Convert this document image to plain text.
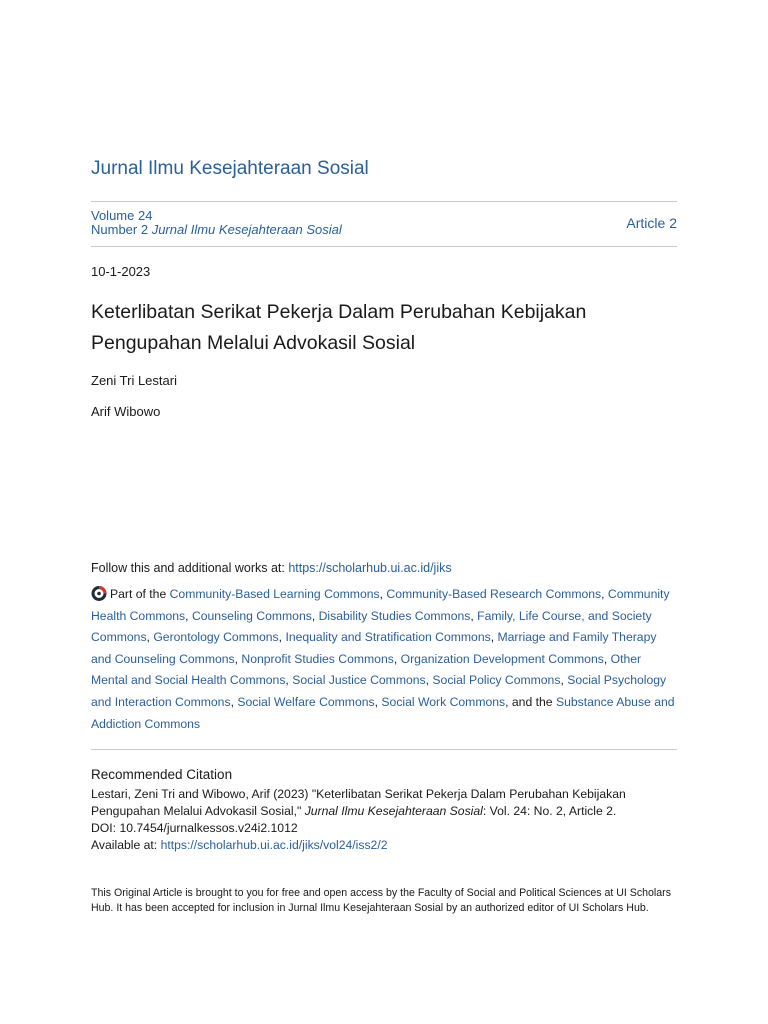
Jurnal Ilmu Kesejahteraan Sosial
Volume 24
Number 2 Jurnal Ilmu Kesejahteraan Sosial	Article 2
10-1-2023
Keterlibatan Serikat Pekerja Dalam Perubahan Kebijakan
Pengupahan Melalui Advokasil Sosial
Zeni Tri Lestari
Arif Wibowo
Follow this and additional works at: https://scholarhub.ui.ac.id/jiks
Part of the Community-Based Learning Commons, Community-Based Research Commons, Community Health Commons, Counseling Commons, Disability Studies Commons, Family, Life Course, and Society Commons, Gerontology Commons, Inequality and Stratification Commons, Marriage and Family Therapy and Counseling Commons, Nonprofit Studies Commons, Organization Development Commons, Other Mental and Social Health Commons, Social Justice Commons, Social Policy Commons, Social Psychology and Interaction Commons, Social Welfare Commons, Social Work Commons, and the Substance Abuse and Addiction Commons
Recommended Citation
Lestari, Zeni Tri and Wibowo, Arif (2023) "Keterlibatan Serikat Pekerja Dalam Perubahan Kebijakan Pengupahan Melalui Advokasil Sosial," Jurnal Ilmu Kesejahteraan Sosial: Vol. 24: No. 2, Article 2.
DOI: 10.7454/jurnalkessos.v24i2.1012
Available at: https://scholarhub.ui.ac.id/jiks/vol24/iss2/2
This Original Article is brought to you for free and open access by the Faculty of Social and Political Sciences at UI Scholars Hub. It has been accepted for inclusion in Jurnal Ilmu Kesejahteraan Sosial by an authorized editor of UI Scholars Hub.
